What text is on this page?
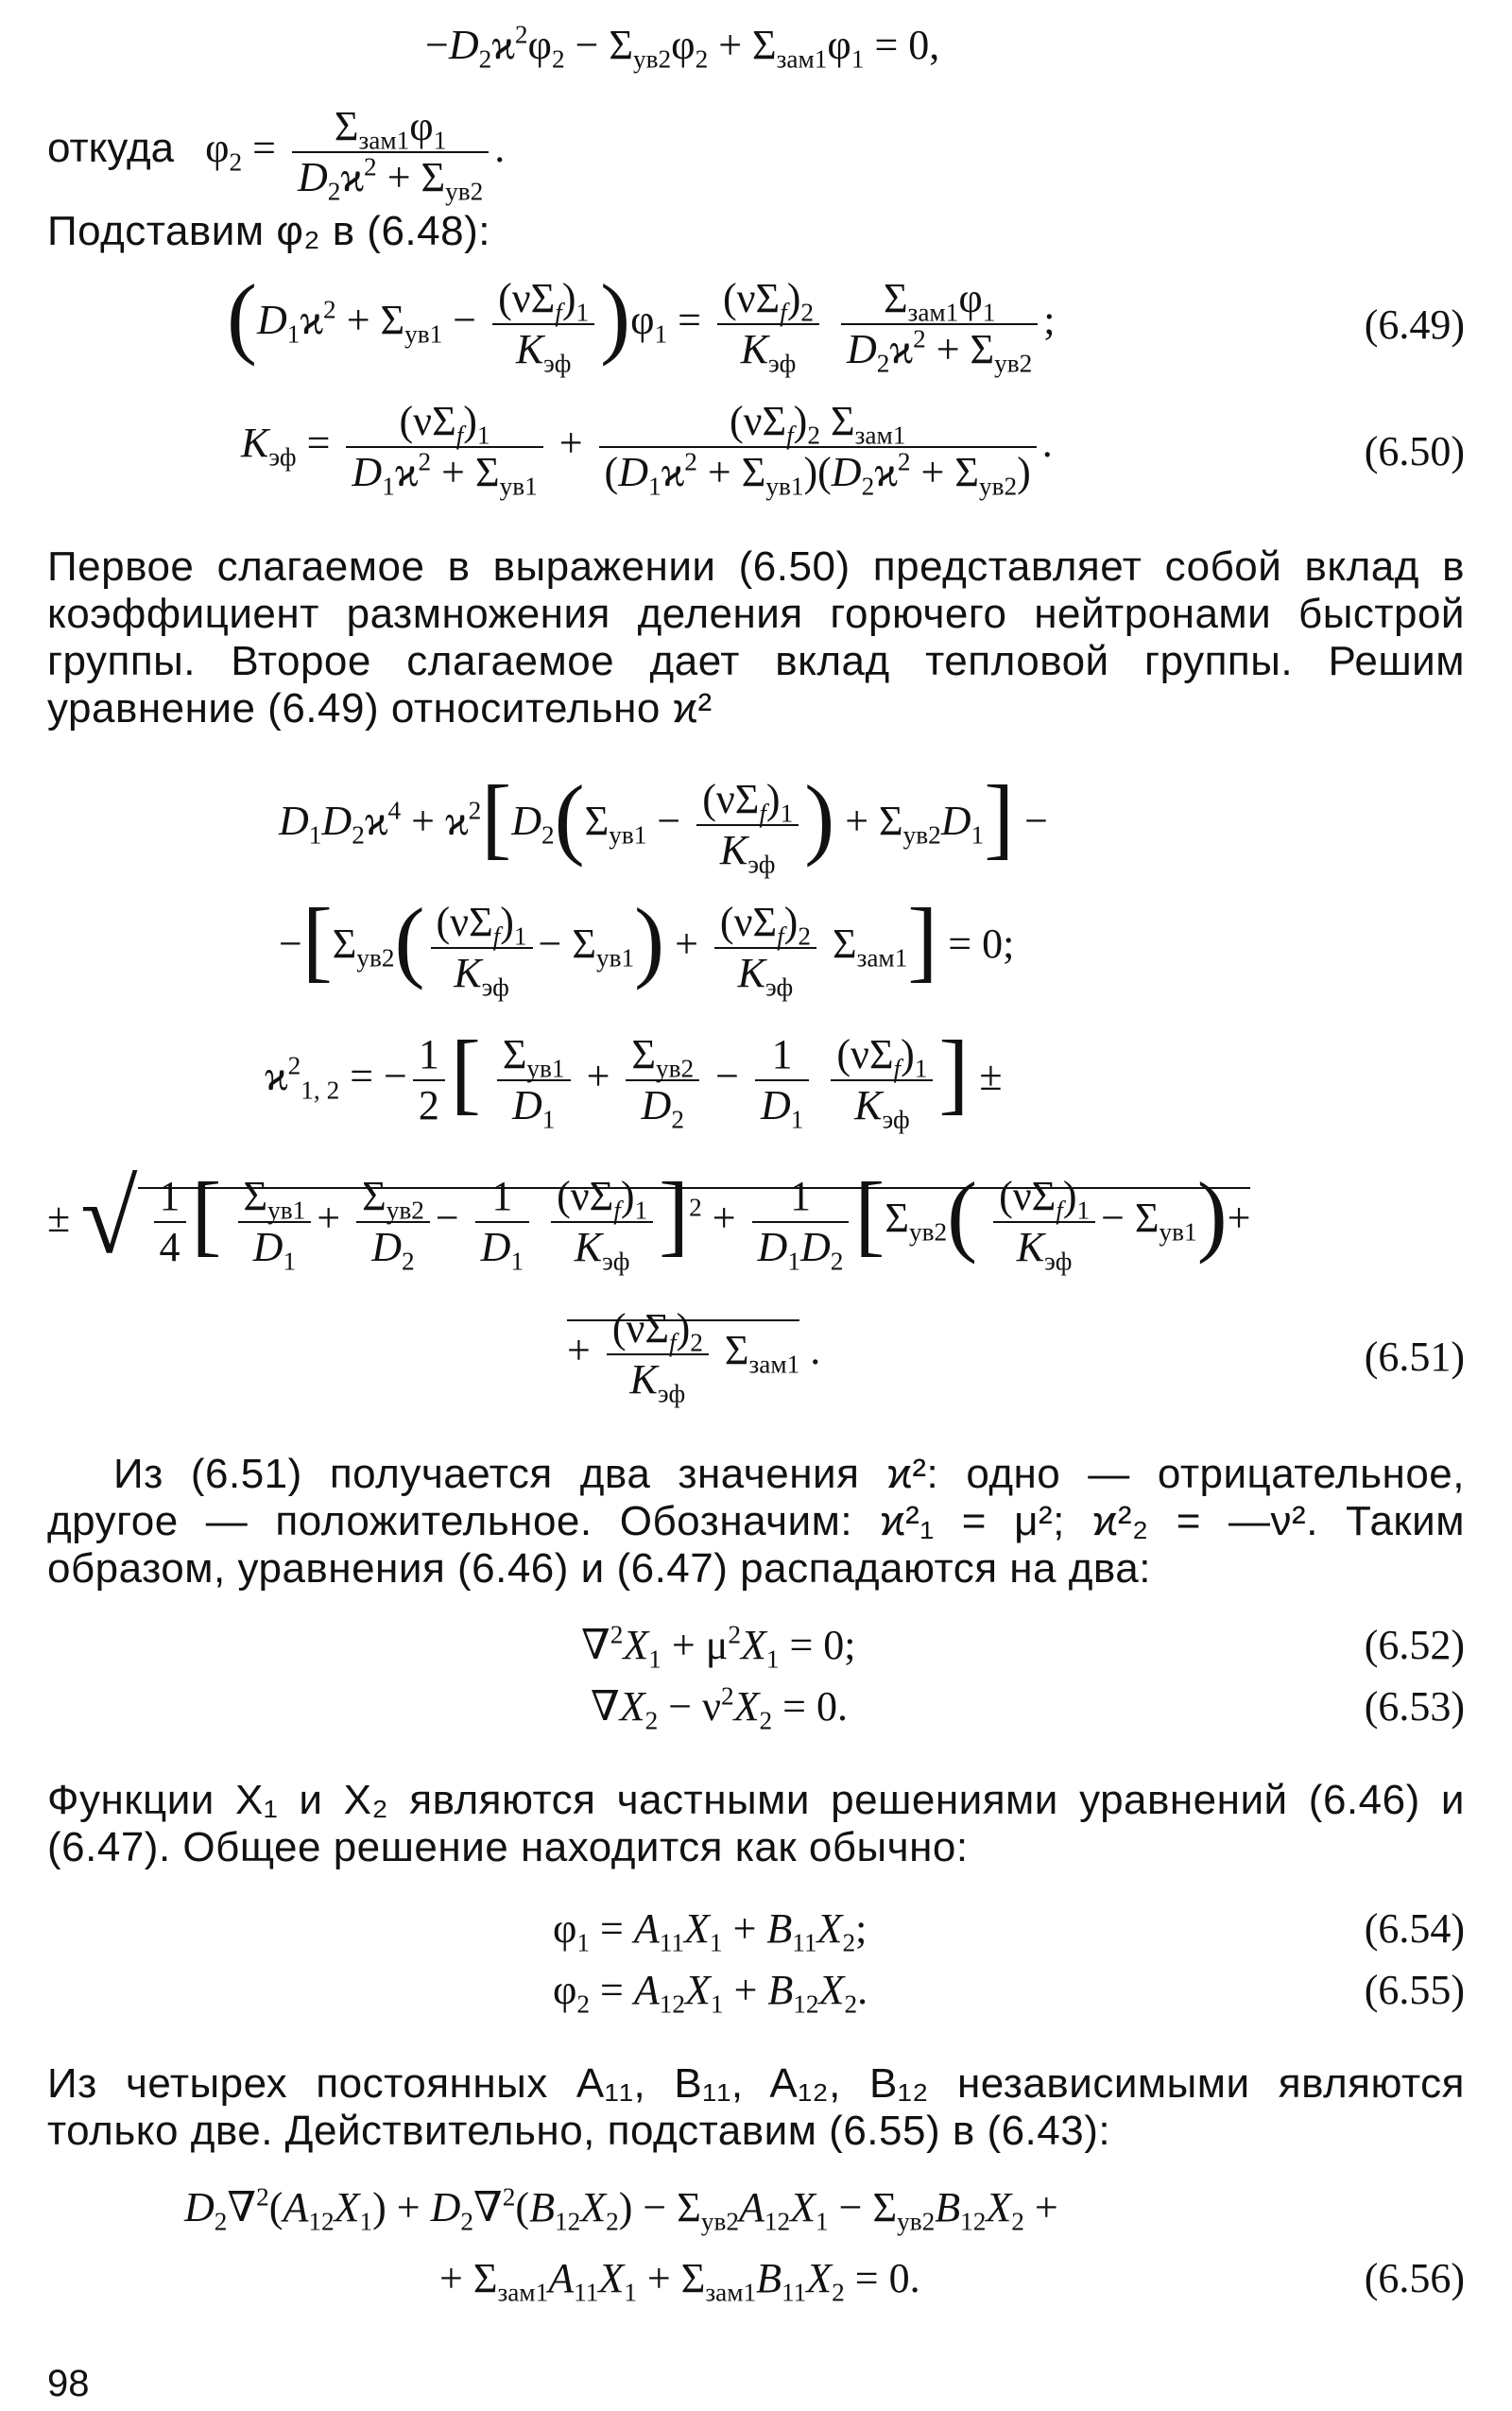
$-D_2ϰ^2\varphi_2 - \Sigma_{ув2}\varphi_2 + \Sigma_{зам1}\varphi_1 = 0$,
откуда   $\varphi_2 = \frac{\Sigma_{зам1}\varphi_1}{D_2ϰ^2 + \Sigma_{ув2}}$ .
Подставим φ₂ в (6.48):
$(D_1ϰ^2 + \Sigma_{ув1} - \frac{(\nu\Sigma_f)_1}{K_{эф}} )\varphi_1 = \frac{(\nu\Sigma_f)_2}{K_{эф}}$
$\frac{\Sigma_{зам1}\varphi_1}{D_2ϰ^2 + \Sigma_{ув2}}$ ;	(6.49)
$K_{эф} = \frac{(\nu\Sigma_f)_1}{D_1ϰ^2 + \Sigma_{ув1}} + \frac{(\nu\Sigma_f)_2 \Sigma_{зам1}}{(D_1ϰ^2 + \Sigma_{ув1})(D_2ϰ^2 + \Sigma_{ув2})}$ .	(6.50)
Первое слагаемое в выражении (6.50) представляет собой вклад в коэффициент размножения деления горючего нейтронами быстрой группы. Второе слагаемое дает вклад тепловой группы. Решим уравнение (6.49) относительно ϰ²
$D_1D_2ϰ^4 + ϰ^2[D_2(\Sigma_{ув1} - \frac{(\nu\Sigma_f)_1}{K_{эф}}$ ) + $\Sigma_{ув2}D_1$] −
$-[\Sigma_{ув2}( \frac{(\nu\Sigma_f)_1}{K_{эф}} - \Sigma_{ув1}) + \frac{(\nu\Sigma_f)_2}{K_{эф}} \Sigma_{зам1}] = 0$;
$ϰ^2_{1, 2}$ = − $\frac{1}{2}$ [ $\frac{\Sigma_{ув1}}{D_1} + \frac{\Sigma_{ув2}}{D_2} - \frac{1}{D_1}$
$\frac{(\nu\Sigma_f)_1}{K_{эф}}$ ] ±
± √ $\frac{1}{4}$ [ $\frac{\Sigma_{ув1}}{D_1} + \frac{\Sigma_{ув2}}{D_2} - \frac{1}{D_1}$
$\frac{(\nu\Sigma_f)_1}{K_{эф}} ]^2 + \frac{1}{D_1D_2} [\Sigma_{ув2}( \frac{(\nu\Sigma_f)_1}{K_{эф}} - \Sigma_{ув1})+$
+ $\frac{(\nu\Sigma_f)_2}{K_{эф}} \Sigma_{зам1}$ .	(6.51)
Из (6.51) получается два значения ϰ²: одно — отрицательное, другое — положительное. Обозначим: ϰ²₁ = μ²; ϰ²₂ = —ν². Таким образом, уравнения (6.46) и (6.47) распадаются на два:
$\nabla^2X_1 + \mu^2X_1 = 0$;	(6.52)
$\nabla X_2 - \nu^2X_2 = 0$.	(6.53)
Функции X₁ и X₂ являются частными решениями уравнений (6.46) и (6.47). Общее решение находится как обычно:
$\varphi_1 = A_{11}X_1 + B_{11}X_2$;	(6.54)
$\varphi_2 = A_{12}X_1 + B_{12}X_2$.	(6.55)
Из четырех постоянных A₁₁, B₁₁, A₁₂, B₁₂ независимыми являются только две. Действительно, подставим (6.55) в (6.43):
$D_2\nabla^2(A_{12}X_1) + D_2\nabla^2(B_{12}X_2) - \Sigma_{ув2}A_{12}X_1 - \Sigma_{ув2}B_{12}X_2$ +
+ $\Sigma_{зам1}A_{11}X_1 + \Sigma_{зам1}B_{11}X_2 = 0$.	(6.56)
98
